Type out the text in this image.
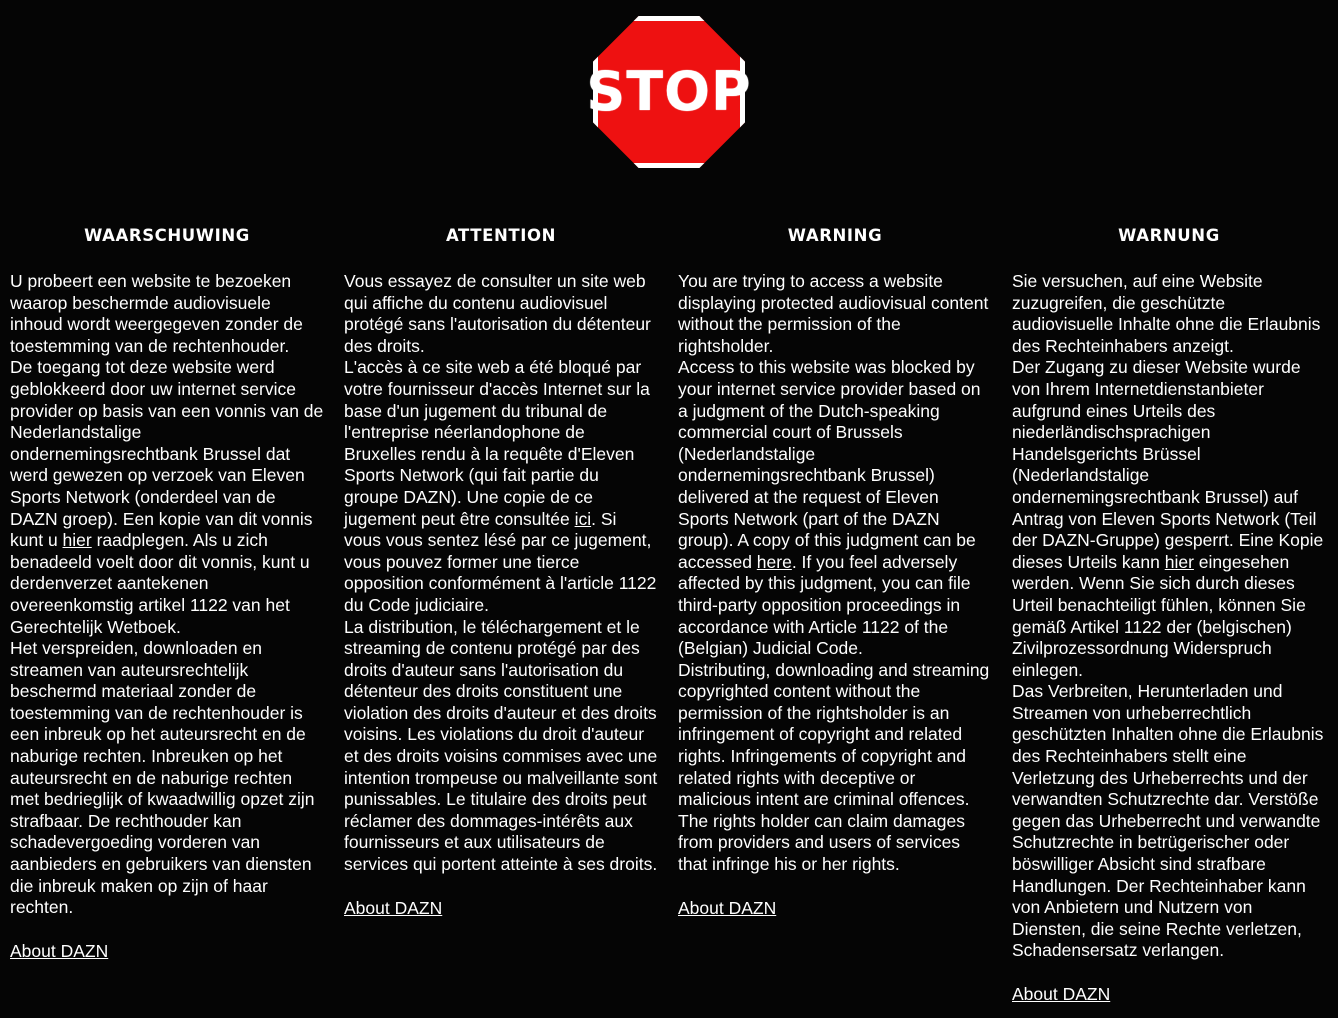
STOP
WAARSCHUWING

U probeert een website te bezoeken waarop beschermde audiovisuele inhoud wordt weergegeven zonder de toestemming van de rechtenhouder.

De toegang tot deze website werd geblokkeerd door uw internet service provider op basis van een vonnis van de Nederlandstalige ondernemingsrechtbank Brussel dat werd gewezen op verzoek van Eleven Sports Network (onderdeel van de DAZN groep). Een kopie van dit vonnis kunt u hier raadplegen. Als u zich benadeeld voelt door dit vonnis, kunt u derdenverzet aantekenen overeenkomstig artikel 1122 van het Gerechtelijk Wetboek.

Het verspreiden, downloaden en streamen van auteursrechtelijk beschermd materiaal zonder de toestemming van de rechtenhouder is een inbreuk op het auteursrecht en de naburige rechten. Inbreuken op het auteursrecht en de naburige rechten met bedrieglijk of kwaadwillig opzet zijn strafbaar. De rechthouder kan schadevergoeding vorderen van aanbieders en gebruikers van diensten die inbreuk maken op zijn of haar rechten.

About DAZN
ATTENTION

Vous essayez de consulter un site web qui affiche du contenu audiovisuel protégé sans l'autorisation du détenteur des droits.

L'accès à ce site web a été bloqué par votre fournisseur d'accès Internet sur la base d'un jugement du tribunal de l'entreprise néerlandophone de Bruxelles rendu à la requête d'Eleven Sports Network (qui fait partie du groupe DAZN). Une copie de ce jugement peut être consultée ici. Si vous vous sentez lésé par ce jugement, vous pouvez former une tierce opposition conformément à l'article 1122 du Code judiciaire.

La distribution, le téléchargement et le streaming de contenu protégé par des droits d'auteur sans l'autorisation du détenteur des droits constituent une violation des droits d'auteur et des droits voisins. Les violations du droit d'auteur et des droits voisins commises avec une intention trompeuse ou malveillante sont punissables. Le titulaire des droits peut réclamer des dommages-intérêts aux fournisseurs et aux utilisateurs de services qui portent atteinte à ses droits.

About DAZN
WARNING

You are trying to access a website displaying protected audiovisual content without the permission of the rightsholder.

Access to this website was blocked by your internet service provider based on a judgment of the Dutch-speaking commercial court of Brussels (Nederlandstalige ondernemingsrechtbank Brussel) delivered at the request of Eleven Sports Network (part of the DAZN group). A copy of this judgment can be accessed here. If you feel adversely affected by this judgment, you can file third-party opposition proceedings in accordance with Article 1122 of the (Belgian) Judicial Code.

Distributing, downloading and streaming copyrighted content without the permission of the rightsholder is an infringement of copyright and related rights. Infringements of copyright and related rights with deceptive or malicious intent are criminal offences. The rights holder can claim damages from providers and users of services that infringe his or her rights.

About DAZN
WARNUNG

Sie versuchen, auf eine Website zuzugreifen, die geschützte audiovisuelle Inhalte ohne die Erlaubnis des Rechteinhabers anzeigt.

Der Zugang zu dieser Website wurde von Ihrem Internetdienstanbieter aufgrund eines Urteils des niederländischsprachigen Handelsgerichts Brüssel (Nederlandstalige ondernemingsrechtbank Brussel) auf Antrag von Eleven Sports Network (Teil der DAZN-Gruppe) gesperrt. Eine Kopie dieses Urteils kann hier eingesehen werden. Wenn Sie sich durch dieses Urteil benachteiligt fühlen, können Sie gemäß Artikel 1122 der (belgischen) Zivilprozessordnung Widerspruch einlegen.

Das Verbreiten, Herunterladen und Streamen von urheberrechtlich geschützten Inhalten ohne die Erlaubnis des Rechteinhabers stellt eine Verletzung des Urheberrechts und der verwandten Schutzrechte dar. Verstöße gegen das Urheberrecht und verwandte Schutzrechte in betrügerischer oder böswilliger Absicht sind strafbare Handlungen. Der Rechteinhaber kann von Anbietern und Nutzern von Diensten, die seine Rechte verletzen, Schadensersatz verlangen.

About DAZN
